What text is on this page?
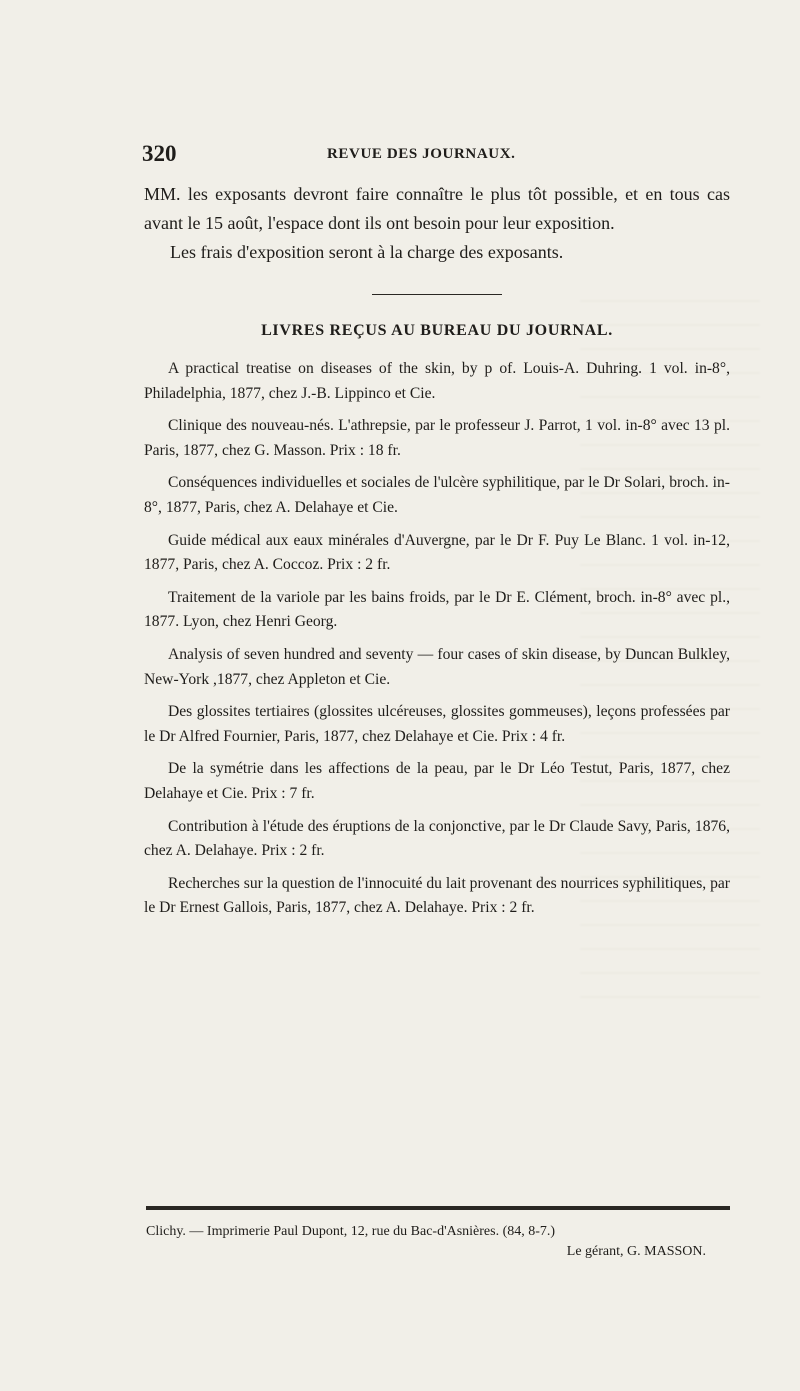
320	REVUE DES JOURNAUX.

MM. les exposants devront faire connaître le plus tôt possible, et en tous cas avant le 15 août, l'espace dont ils ont besoin pour leur exposition.

Les frais d'exposition seront à la charge des exposants.

LIVRES REÇUS AU BUREAU DU JOURNAL.

A practical treatise on diseases of the skin, by p of. Louis-A. Duhring. 1 vol. in-8°, Philadelphia, 1877, chez J.-B. Lippinco et Cie.

Clinique des nouveau-nés. L'athrepsie, par le professeur J. Parrot, 1 vol. in-8° avec 13 pl. Paris, 1877, chez G. Masson. Prix : 18 fr.

Conséquences individuelles et sociales de l'ulcère syphilitique, par le Dr Solari, broch. in-8°, 1877, Paris, chez A. Delahaye et Cie.

Guide médical aux eaux minérales d'Auvergne, par le Dr F. Puy Le Blanc. 1 vol. in-12, 1877, Paris, chez A. Coccoz. Prix : 2 fr.

Traitement de la variole par les bains froids, par le Dr E. Clément, broch. in-8° avec pl., 1877. Lyon, chez Henri Georg.

Analysis of seven hundred and seventy — four cases of skin disease, by Duncan Bulkley, New-York ,1877, chez Appleton et Cie.

Des glossites tertiaires (glossites ulcéreuses, glossites gommeuses), leçons professées par le Dr Alfred Fournier, Paris, 1877, chez Delahaye et Cie. Prix : 4 fr.

De la symétrie dans les affections de la peau, par le Dr Léo Testut, Paris, 1877, chez Delahaye et Cie. Prix : 7 fr.

Contribution à l'étude des éruptions de la conjonctive, par le Dr Claude Savy, Paris, 1876, chez A. Delahaye. Prix : 2 fr.

Recherches sur la question de l'innocuité du lait provenant des nourrices syphilitiques, par le Dr Ernest Gallois, Paris, 1877, chez A. Delahaye. Prix : 2 fr.

Clichy. — Imprimerie Paul Dupont, 12, rue du Bac-d'Asnières. (84, 8-7.)
Le gérant, G. MASSON.
